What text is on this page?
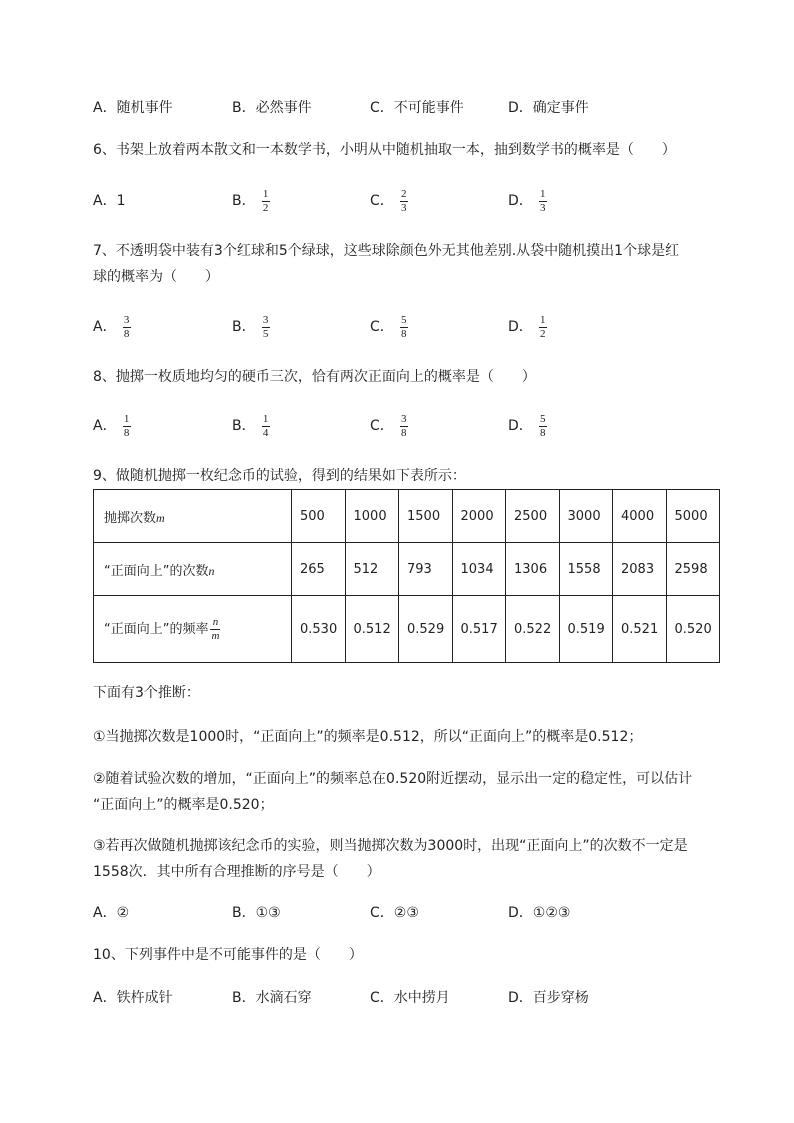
A．随机事件	B．必然事件	C．不可能事件	D．确定事件
6、书架上放着两本散文和一本数学书，小明从中随机抽取一本，抽到数学书的概率是（　　）
A． 1	B． $\frac{1}{2}$	C． $\frac{2}{3}$	D． $\frac{1}{3}$
7、不透明袋中装有3个红球和5个绿球，这些球除颜色外无其他差别.从袋中随机摸出1个球是红
球的概率为（　　）
A． $\frac{3}{8}$	B． $\frac{3}{5}$	C． $\frac{5}{8}$	D． $\frac{1}{2}$
8、抛掷一枚质地均匀的硬币三次，恰有两次正面向上的概率是（　　）
A． $\frac{1}{8}$	B． $\frac{1}{4}$	C． $\frac{3}{8}$	D． $\frac{5}{8}$
9、做随机抛掷一枚纪念币的试验，得到的结果如下表所示：
抛掷次数m	500	1000	1500	2000	2500	3000	4000	5000
“正面向上”的次数n	265	512	793	1034	1306	1558	2083	2598
“正面向上”的频率 $\frac{n}{m}$	0.530	0.512	0.529	0.517	0.522	0.519	0.521	0.520
下面有3个推断：
①当抛掷次数是1000时，“正面向上”的频率是0.512，所以“正面向上”的概率是0.512；
②随着试验次数的增加，“正面向上”的频率总在0.520附近摆动，显示出一定的稳定性，可以估计
“正面向上”的概率是0.520；
③若再次做随机抛掷该纪念币的实验，则当抛掷次数为3000时，出现“正面向上”的次数不一定是
1558次．其中所有合理推断的序号是（　　）
A．②	B．①③	C．②③	D．①②③
10、下列事件中是不可能事件的是（　　）
A．铁杵成针	B．水滴石穿	C．水中捞月	D．百步穿杨
